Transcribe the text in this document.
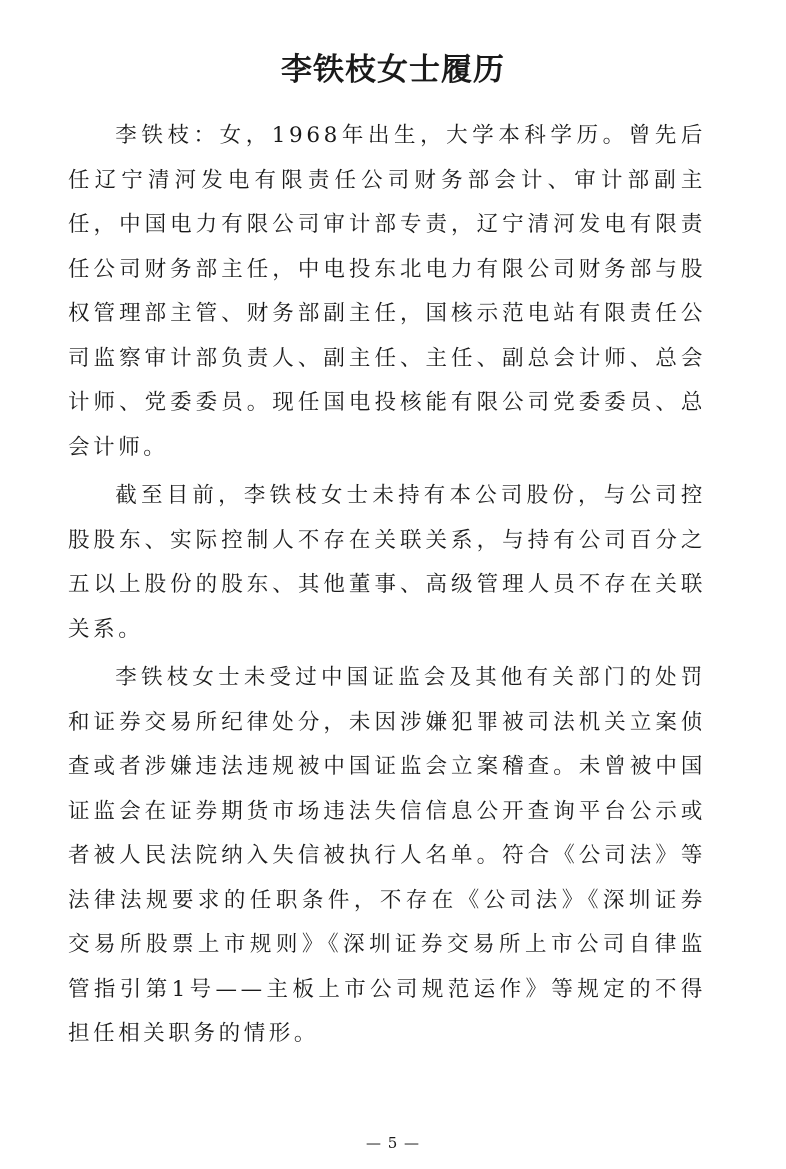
李铁枝女士履历

李铁枝：女，1968年出生，大学本科学历。曾先后任辽宁清河发电有限责任公司财务部会计、审计部副主任，中国电力有限公司审计部专责，辽宁清河发电有限责任公司财务部主任，中电投东北电力有限公司财务部与股权管理部主管、财务部副主任，国核示范电站有限责任公司监察审计部负责人、副主任、主任、副总会计师、总会计师、党委委员。现任国电投核能有限公司党委委员、总会计师。

截至目前，李铁枝女士未持有本公司股份，与公司控股股东、实际控制人不存在关联关系，与持有公司百分之五以上股份的股东、其他董事、高级管理人员不存在关联关系。

李铁枝女士未受过中国证监会及其他有关部门的处罚和证券交易所纪律处分，未因涉嫌犯罪被司法机关立案侦查或者涉嫌违法违规被中国证监会立案稽查。未曾被中国证监会在证券期货市场违法失信信息公开查询平台公示或者被人民法院纳入失信被执行人名单。符合《公司法》等法律法规要求的任职条件，不存在《公司法》《深圳证券交易所股票上市规则》《深圳证券交易所上市公司自律监管指引第1号——主板上市公司规范运作》等规定的不得担任相关职务的情形。

— 5 —
